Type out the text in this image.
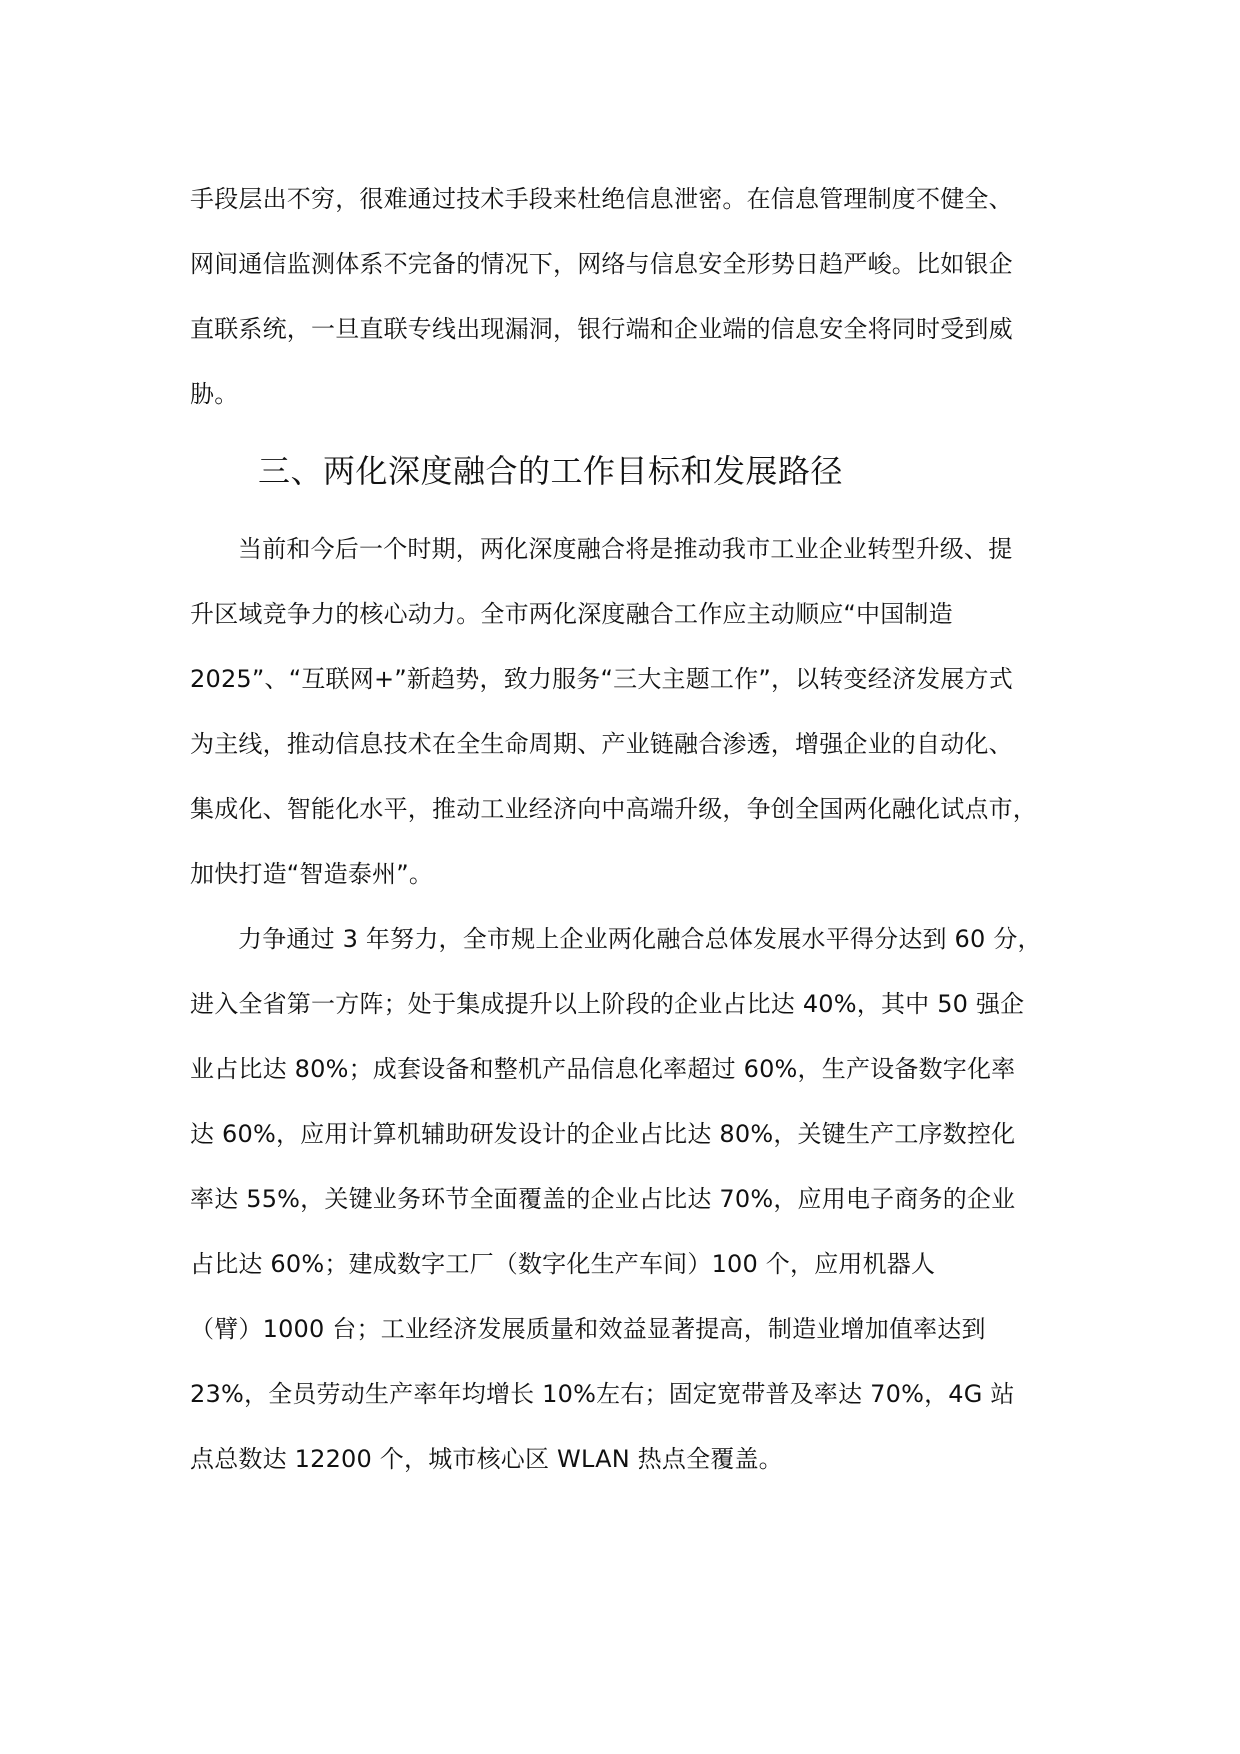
手段层出不穷，很难通过技术手段来杜绝信息泄密。在信息管理制度不健全、
网间通信监测体系不完备的情况下，网络与信息安全形势日趋严峻。比如银企
直联系统，一旦直联专线出现漏洞，银行端和企业端的信息安全将同时受到威
胁。
三、两化深度融合的工作目标和发展路径
当前和今后一个时期，两化深度融合将是推动我市工业企业转型升级、提
升区域竞争力的核心动力。全市两化深度融合工作应主动顺应“中国制造
2025”、“互联网+”新趋势，致力服务“三大主题工作”，以转变经济发展方式
为主线，推动信息技术在全生命周期、产业链融合渗透，增强企业的自动化、
集成化、智能化水平，推动工业经济向中高端升级，争创全国两化融化试点市，
加快打造“智造泰州”。
力争通过 3 年努力，全市规上企业两化融合总体发展水平得分达到 60 分，
进入全省第一方阵；处于集成提升以上阶段的企业占比达 40%，其中 50 强企
业占比达 80%；成套设备和整机产品信息化率超过 60%，生产设备数字化率
达 60%，应用计算机辅助研发设计的企业占比达 80%，关键生产工序数控化
率达 55%，关键业务环节全面覆盖的企业占比达 70%，应用电子商务的企业
占比达 60%；建成数字工厂（数字化生产车间）100 个，应用机器人
（臂）1000 台；工业经济发展质量和效益显著提高，制造业增加值率达到
23%，全员劳动生产率年均增长 10%左右；固定宽带普及率达 70%，4G 站
点总数达 12200 个，城市核心区 WLAN 热点全覆盖。
